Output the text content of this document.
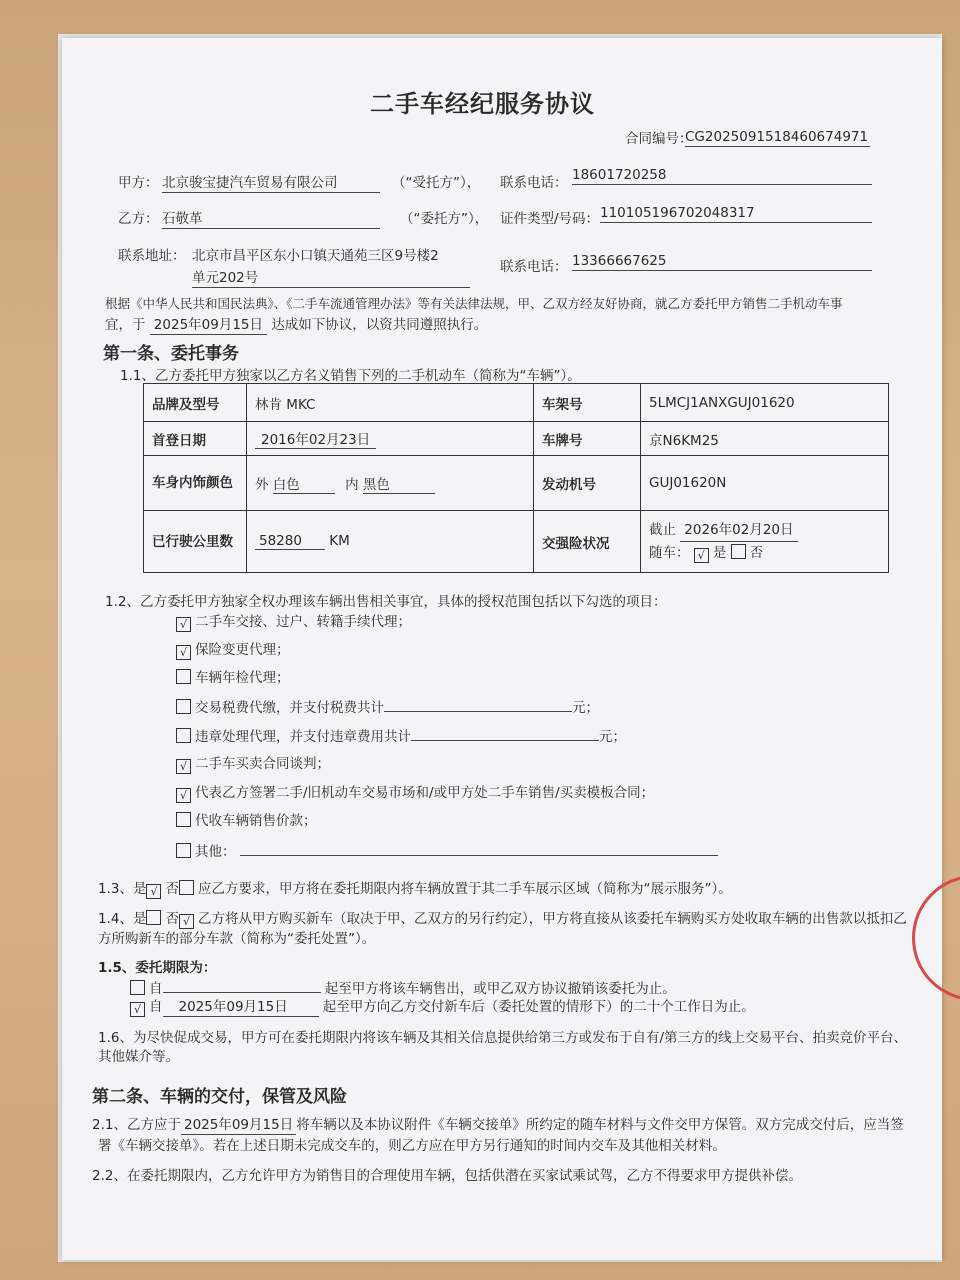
二手车经纪服务协议
合同编号：
CG2025091518460674971
甲方： 北京骏宝捷汽车贸易有限公司	（“受托方”）， 联系电话： 18601720258
乙方： 石敬革	（“委托方”）， 证件类型/号码： 110105196702048317
联系地址： 北京市昌平区东小口镇天通苑三区9号楼2
单元202号
联系电话： 13366667625
根据《中华人民共和国民法典》、《二手车流通管理办法》等有关法律法规，甲、乙双方经友好协商，就乙方委托甲方销售二手机动车事
宜，于 2025年09月15日 达成如下协议，以资共同遵照执行。
第一条、委托事务
1.1、乙方委托甲方独家以乙方名义销售下列的二手机动车（简称为“车辆”）。
品牌及型号	林肯 MKC	车架号	5LMCJ1ANXGUJ01620
首登日期	2016年02月23日	车牌号	京N6KM25
车身内饰颜色	外 白色 内 黑色	发动机号	GUJ01620N
已行驶公里数	58280 KM	交强险状况	截止 2026年02月20日
随车： √ 是 否
1.2、乙方委托甲方独家全权办理该车辆出售相关事宜，具体的授权范围包括以下勾选的项目：
√ 二手车交接、过户、转籍手续代理；
√ 保险变更代理；
车辆年检代理；
交易税费代缴，并支付税费共计	元；
违章处理代理，并支付违章费用共计	元；
√ 二手车买卖合同谈判；
√ 代表乙方签署二手/旧机动车交易市场和/或甲方处二手车销售/买卖模板合同；
代收车辆销售价款；
其他：
1.3、是 √ 否 应乙方要求，甲方将在委托期限内将车辆放置于其二手车展示区域（简称为“展示服务”）。
1.4、是 否 √ 乙方将从甲方购买新车（取决于甲、乙双方的另行约定），甲方将直接从该委托车辆购买方处收取车辆的出售款以抵扣乙
方所购新车的部分车款（简称为“委托处置”）。
1.5、委托期限为：
自	起至甲方将该车辆售出，或甲乙双方协议撤销该委托为止。
√ 自 2025年09月15日	起至甲方向乙方交付新车后（委托处置的情形下）的二十个工作日为止。
1.6、为尽快促成交易，甲方可在委托期限内将该车辆及其相关信息提供给第三方或发布于自有/第三方的线上交易平台、拍卖竞价平台、
其他媒介等。
第二条、车辆的交付，保管及风险
2.1、乙方应于 2025年09月15日 将车辆以及本协议附件《车辆交接单》所约定的随车材料与文件交甲方保管。双方完成交付后，应当签
署《车辆交接单》。若在上述日期未完成交车的，则乙方应在甲方另行通知的时间内交车及其他相关材料。
2.2、在委托期限内，乙方允许甲方为销售目的合理使用车辆，包括供潜在买家试乘试驾，乙方不得要求甲方提供补偿。
